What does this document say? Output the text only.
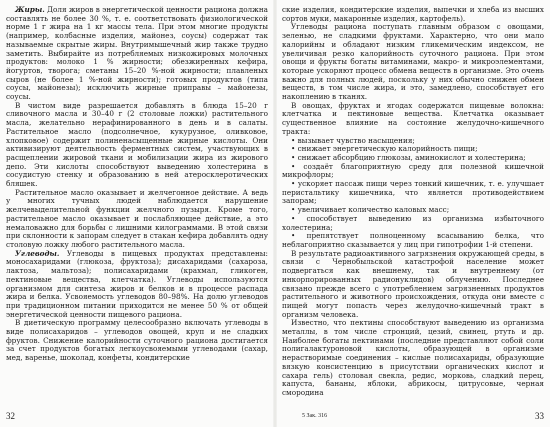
Жиры. Доля жиров в энергетической ценности рациона должна составлять не более 30 %, т. е. соответствовать физиологической норме 1 г жира на 1 кг массы тела. При этом многие продукты (например, колбасные изделия, майонез, соусы) содержат так называемые скрытые жиры. Внутримышечный жир также трудно заметить. Выбирайте из потребляемых низкожировых молочных продуктов: молоко 1 % жирности; обезжиренных кефира, йогуртов, творога; сметаны 15–20 %-ной жирности; плавленых сыров (не более 1 %-ной жирности); готовых продуктов (типа соусы, майонезы); исключить жирные приправы – майонезы, соусы.

В чистом виде разрешается добавлять в блюда 15–20 г сливочного масла и 30–40 г (2 столовые ложки) растительного масла, желательно нерафинированного в день и в салаты. Растительное масло (подсолнечное, кукурузное, оливковое, хлопковое) содержит полиненасыщенные жирные кислоты. Они активизируют деятельность ферментных систем, участвующих в расщеплении жировой ткани и мобилизации жира из жирового депо. Эти кислоты способствуют выведению холестерина в сосудистую стенку и образованию в ней атеросклеротических бляшек.

Растительное масло оказывает и желчегонное действие. А ведь у многих тучных людей наблюдается нарушение желчевыделительной функции желчного пузыря. Кроме того, растительное масло оказывает и послабляющее действие, а это немаловажно для борьбы с лишними килограммами. В этой связи при склонности к запорам следует в стакан кефира добавлять одну столовую ложку любого растительного масла.

Углеводы. Углеводы в пищевых продуктах представлены: моносахаридами (глюкоза, фруктоза); дисахаридами (сахароза, лактоза, мальтоза); полисахаридами (крахмал, гликоген, пектиновые вещества, клетчатка). Углеводы используются организмом для синтеза жиров и белков и в процессе распада жира и белка. Усвояемость углеводов 80–98%. На долю углеводов при традиционном питании приходится не менее 50 % от общей энергетической ценности пищевого рациона.

В диетическую программу целесообразно включать углеводы в виде полисахаридов – углеводов овощей, круп и не сладких фруктов. Снижение калорийности суточного рациона достигается за счет продуктов богатых легкоусвояемыми углеводами (сахар, мед, варенье, шоколад, конфеты, кондитерские

32

ские изделия, кондитерские изделия, выпечки и хлеба из высших сортов муки, макаронные изделия, картофель).

Углеводы рациона поступать главным образом с овощами, зеленью, не сладкими фруктами. Характерно, что они мало калорийны и обладают низким гликемическим индексом, не увеличивая резко калорийность суточного рациона. При этом овощи и фрукты богаты витаминами, макро- и микроэлементами, которые ускоряют процесс обмена веществ в организме. Это очень важно для полных людей, поскольку у них обычно снижен обмен веществ, в том числе жира, и это, замедлено, способствует его накоплению в тканях.

В овощах, фруктах и ягодах содержатся пищевые волокна: клетчатка и пектиновые вещества. Клетчатка оказывает существенное влияние на состояние желудочно-кишечного тракта:

• вызывает чувство насыщения;
• снижает энергетическую калорийность пищи;
• снижает абсорбцию глюкозы, аминокислот и холестерина;
• создаёт благоприятную среду для полезной кишечной микрофлоры;
• ускоряет пассаж пищи через тонкий кишечник, т. е. улучшает перистальтику кишечника, что является противодействием запорам;
• увеличивает количество каловых масс;
• способствует выведению из организма избыточного холестерина;
• препятствует полноценному всасыванию белка, что неблагоприятно сказывается у лиц при гипотрофии 1-й степени.

В результате радиоактивного загрязнения окружающей среды, в связи с Чернобыльской катастрофой население может подвергаться как внешнему, так и внутреннему (от инкорпорированных радионуклидов) облучению. Последнее связано прежде всего с употреблением загрязненных продуктов растительного и животного происхождения, откуда они вместе с пищей могут попасть через желудочно-кишечный тракт в организм человека.

Известно, что пектины способствуют выведению из организма металлы, в том числе стронций, цезий, свинец, ртуть и др. Наиболее богаты пектинами (последние представляют собой соли полигалактуроновой кислоты, образующей в организме нерастворимые соединения – кислые полисахариды, образующие вязкую консистенцию в присутствии органических кислот и сахара гель) столовая свекла, редис, морковь, сладкий перец, капуста, бананы, яблоки, абрикосы, цитрусовые, черная смородина

5 Зак. 316	33
